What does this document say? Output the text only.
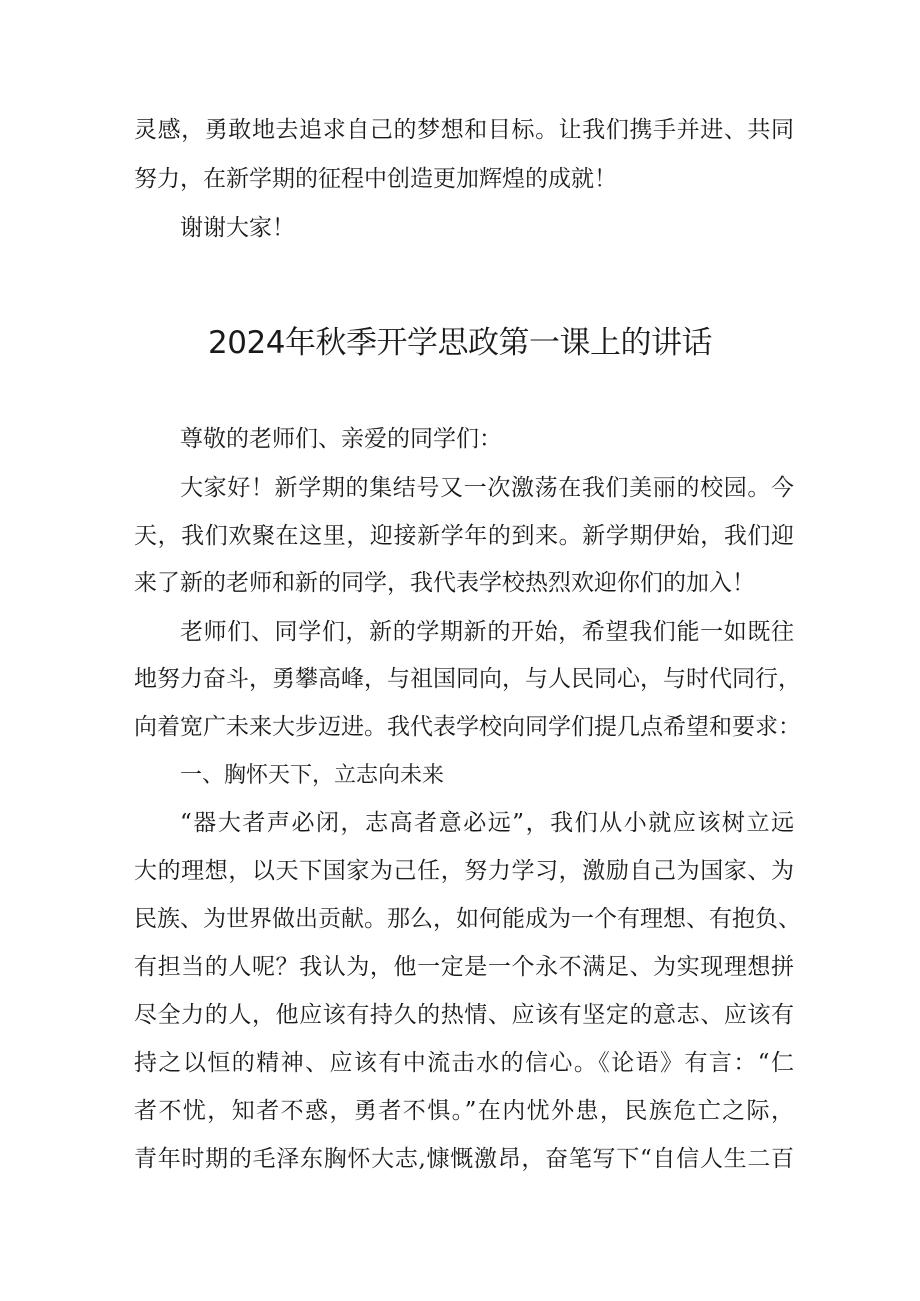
灵感，勇敢地去追求自己的梦想和目标。让我们携手并进、共同
努力，在新学期的征程中创造更加辉煌的成就！
谢谢大家！
2024年秋季开学思政第一课上的讲话
尊敬的老师们、亲爱的同学们：
大家好！新学期的集结号又一次激荡在我们美丽的校园。今
天，我们欢聚在这里，迎接新学年的到来。新学期伊始，我们迎
来了新的老师和新的同学，我代表学校热烈欢迎你们的加入！
老师们、同学们，新的学期新的开始，希望我们能一如既往
地努力奋斗，勇攀高峰，与祖国同向，与人民同心，与时代同行，
向着宽广未来大步迈进。我代表学校向同学们提几点希望和要求：
一、胸怀天下，立志向未来
“器大者声必闭，志高者意必远”，我们从小就应该树立远
大的理想，以天下国家为己任，努力学习，激励自己为国家、为
民族、为世界做出贡献。那么，如何能成为一个有理想、有抱负、
有担当的人呢？我认为，他一定是一个永不满足、为实现理想拼
尽全力的人，他应该有持久的热情、应该有坚定的意志、应该有
持之以恒的精神、应该有中流击水的信心。《论语》有言：“仁
者不忧，知者不惑，勇者不惧。”在内忧外患，民族危亡之际，
青年时期的毛泽东胸怀大志,慷慨激昂，奋笔写下“自信人生二百
